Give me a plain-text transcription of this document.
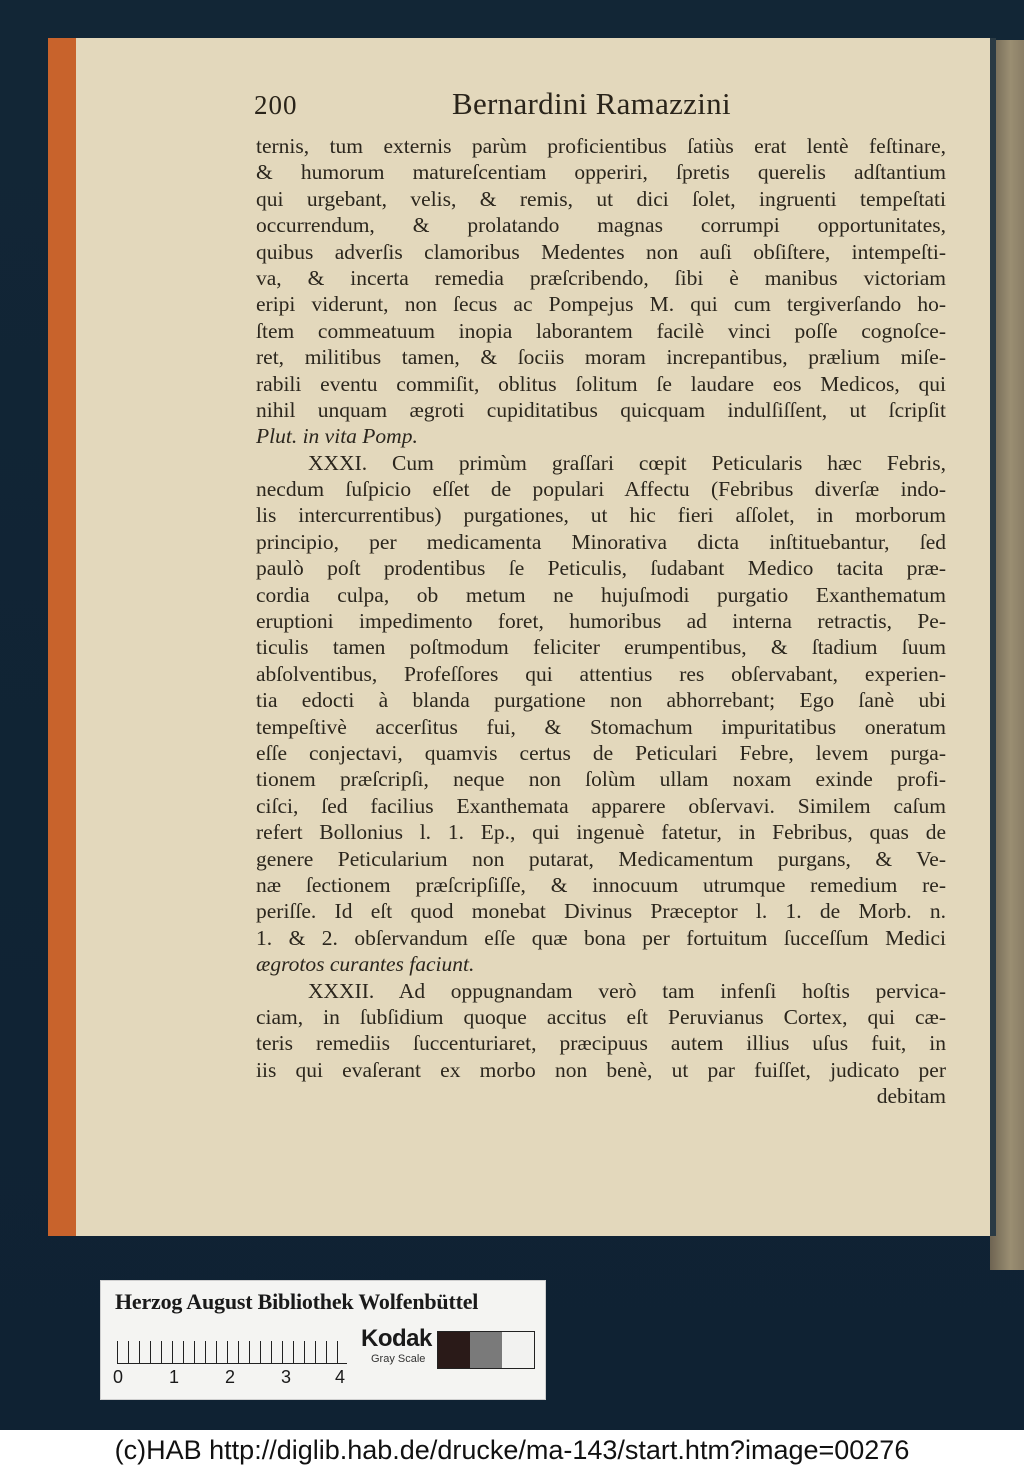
200	Bernardini Ramazzini
ternis, tum externis parùm proficientibus ſatiùs erat lentè feſtinare,
& humorum matureſcentiam opperiri, ſpretis querelis adſtantium
qui urgebant, velis, & remis, ut dici ſolet, ingruenti tempeſtati
occurrendum, & prolatando magnas corrumpi opportunitates,
quibus adverſis clamoribus Medentes non auſi obſiſtere, intempeſti-
va, & incerta remedia præſcribendo, ſibi è manibus victoriam
eripi viderunt, non ſecus ac Pompejus M. qui cum tergiverſando ho-
ſtem commeatuum inopia laborantem facilè vinci poſſe cognoſce-
ret, militibus tamen, & ſociis moram increpantibus, prælium miſe-
rabili eventu commiſit, oblitus ſolitum ſe laudare eos Medicos, qui
nihil unquam ægroti cupiditatibus quicquam indulſiſſent, ut ſcripſit
Plut. in vita Pomp.
XXXI. Cum primùm graſſari cœpit Peticularis hæc Febris,
necdum ſuſpicio eſſet de populari Affectu (Febribus diverſæ indo-
lis intercurrentibus) purgationes, ut hic fieri aſſolet, in morborum
principio, per medicamenta Minorativa dicta inſtituebantur, ſed
paulò poſt prodentibus ſe Peticulis, ſudabant Medico tacita præ-
cordia culpa, ob metum ne hujuſmodi purgatio Exanthematum
eruptioni impedimento foret, humoribus ad interna retractis, Pe-
ticulis tamen poſtmodum feliciter erumpentibus, & ſtadium ſuum
abſolventibus, Profeſſores qui attentius res obſervabant, experien-
tia edocti à blanda purgatione non abhorrebant; Ego ſanè ubi
tempeſtivè accerſitus fui, & Stomachum impuritatibus oneratum
eſſe conjectavi, quamvis certus de Peticulari Febre, levem purga-
tionem præſcripſi, neque non ſolùm ullam noxam exinde profi-
ciſci, ſed facilius Exanthemata apparere obſervavi. Similem caſum
refert Bollonius l. 1. Ep., qui ingenuè fatetur, in Febribus, quas de
genere Peticularium non putarat, Medicamentum purgans, & Ve-
næ ſectionem præſcripſiſſe, & innocuum utrumque remedium re-
periſſe. Id eſt quod monebat Divinus Præceptor l. 1. de Morb. n.
1. & 2. obſervandum eſſe quæ bona per fortuitum ſucceſſum Medici
ægrotos curantes faciunt.
XXXII. Ad oppugnandam verò tam infenſi hoſtis pervica-
ciam, in ſubſidium quoque accitus eſt Peruvianus Cortex, qui cæ-
teris remediis ſuccenturiaret, præcipuus autem illius uſus fuit, in
iis qui evaſerant ex morbo non benè, ut par fuiſſet, judicato per
debitam
Herzog August Bibliothek Wolfenbüttel
0	1	2	3 4
Kodak
Gray Scale
(c)HAB http://diglib.hab.de/drucke/ma-143/start.htm?image=00276
